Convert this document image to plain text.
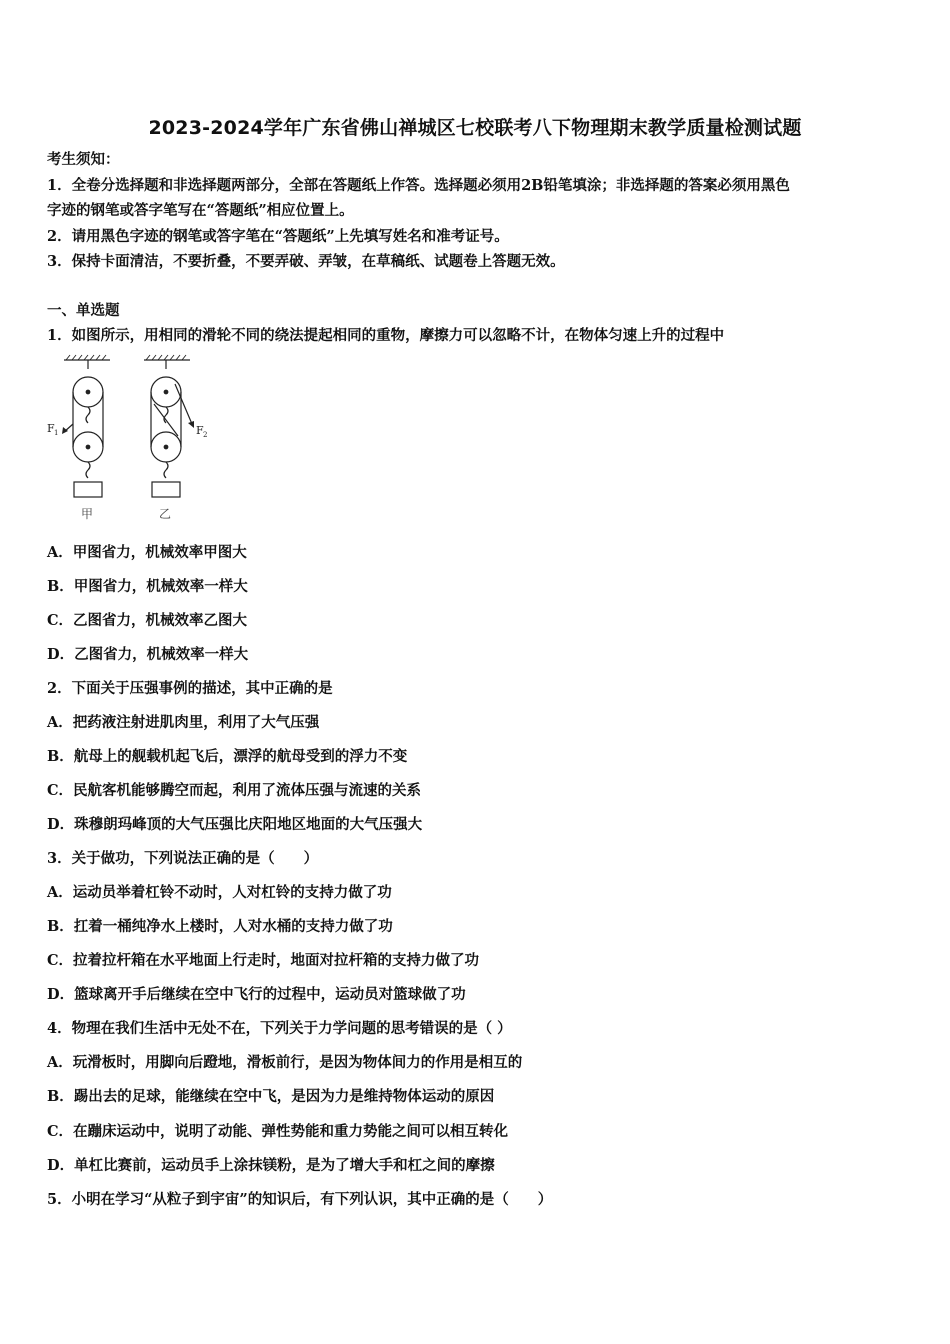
2023-2024学年广东省佛山禅城区七校联考八下物理期末教学质量检测试题
考生须知：
1．全卷分选择题和非选择题两部分，全部在答题纸上作答。选择题必须用2B铅笔填涂；非选择题的答案必须用黑色
字迹的钢笔或答字笔写在“答题纸”相应位置上。
2．请用黑色字迹的钢笔或答字笔在“答题纸”上先填写姓名和准考证号。
3．保持卡面清洁，不要折叠，不要弄破、弄皱，在草稿纸、试题卷上答题无效。
一、单选题
1．如图所示，用相同的滑轮不同的绕法提起相同的重物，摩擦力可以忽略不计，在物体匀速上升的过程中
F 1	F 2
甲	乙
A．甲图省力，机械效率甲图大
B．甲图省力，机械效率一样大
C．乙图省力，机械效率乙图大
D．乙图省力，机械效率一样大
2．下面关于压强事例的描述，其中正确的是
A．把药液注射进肌肉里，利用了大气压强
B．航母上的舰载机起飞后，漂浮的航母受到的浮力不变
C．民航客机能够腾空而起，利用了流体压强与流速的关系
D．珠穆朗玛峰顶的大气压强比庆阳地区地面的大气压强大
3．关于做功，下列说法正确的是（　　）
A．运动员举着杠铃不动时，人对杠铃的支持力做了功
B．扛着一桶纯净水上楼时，人对水桶的支持力做了功
C．拉着拉杆箱在水平地面上行走时，地面对拉杆箱的支持力做了功
D．篮球离开手后继续在空中飞行的过程中，运动员对篮球做了功
4．物理在我们生活中无处不在，下列关于力学问题的思考错误的是（ ）
A．玩滑板时，用脚向后蹬地，滑板前行，是因为物体间力的作用是相互的
B．踢出去的足球，能继续在空中飞，是因为力是维持物体运动的原因
C．在蹦床运动中，说明了动能、弹性势能和重力势能之间可以相互转化
D．单杠比赛前，运动员手上涂抹镁粉，是为了增大手和杠之间的摩擦
5．小明在学习“从粒子到宇宙”的知识后，有下列认识，其中正确的是（　　）
